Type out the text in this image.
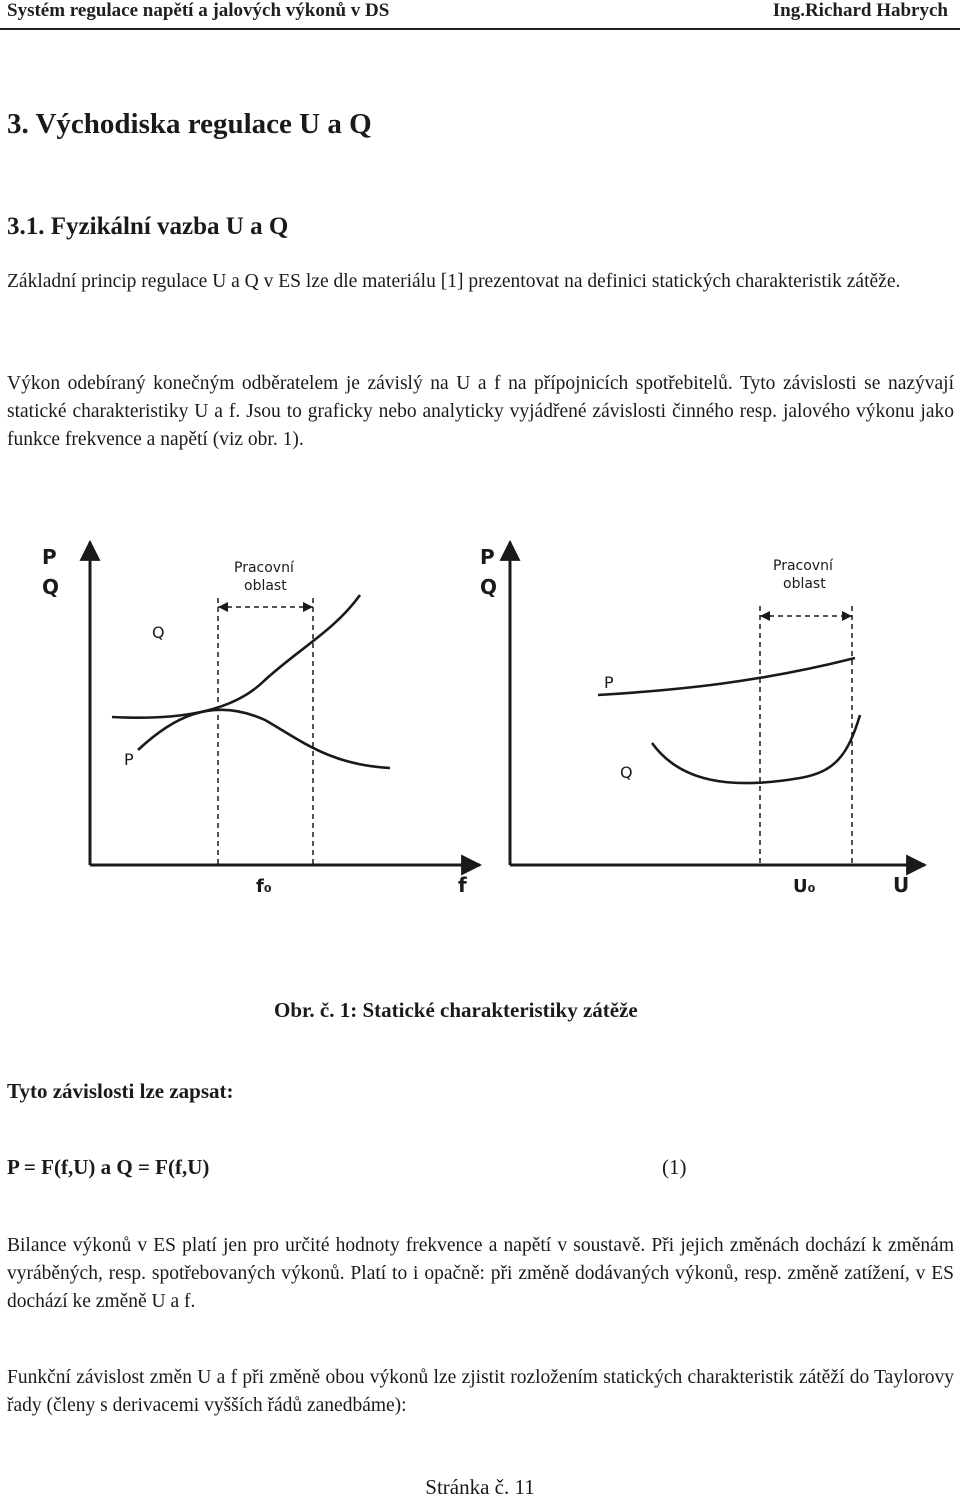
Systém regulace napětí a jalových výkonů v DS	Ing.Richard Habrych
3. Východiska regulace U a Q
3.1. Fyzikální vazba U a Q
Základní princip regulace U a Q v ES lze dle materiálu [1] prezentovat na definici statických charakteristik zátěže.
Výkon odebíraný konečným odběratelem je závislý na U a f na přípojnicích spotřebitelů. Tyto závislosti se nazývají statické charakteristiky U a f. Jsou to graficky nebo analyticky vyjádřené závislosti činného resp. jalového výkonu jako funkce frekvence a napětí (viz obr. 1).
P
Q
f
f₀
Pracovní
oblast
Q
P
P
Q
U
U₀
Pracovní
oblast
P
Q
Obr. č. 1: Statické charakteristiky zátěže
Tyto závislosti lze zapsat:
P = F(f,U) a Q = F(f,U)	(1)
Bilance výkonů v ES platí jen pro určité hodnoty frekvence a napětí v soustavě. Při jejich změnách dochází k změnám vyráběných, resp. spotřebovaných výkonů. Platí to i opačně: při změně dodávaných výkonů, resp. změně zatížení, v ES dochází ke změně U a f.
Funkční závislost změn U a f při změně obou výkonů lze zjistit rozložením statických charakteristik zátěží do Taylorovy řady (členy s derivacemi vyšších řádů zanedbáme):
Stránka č. 11
